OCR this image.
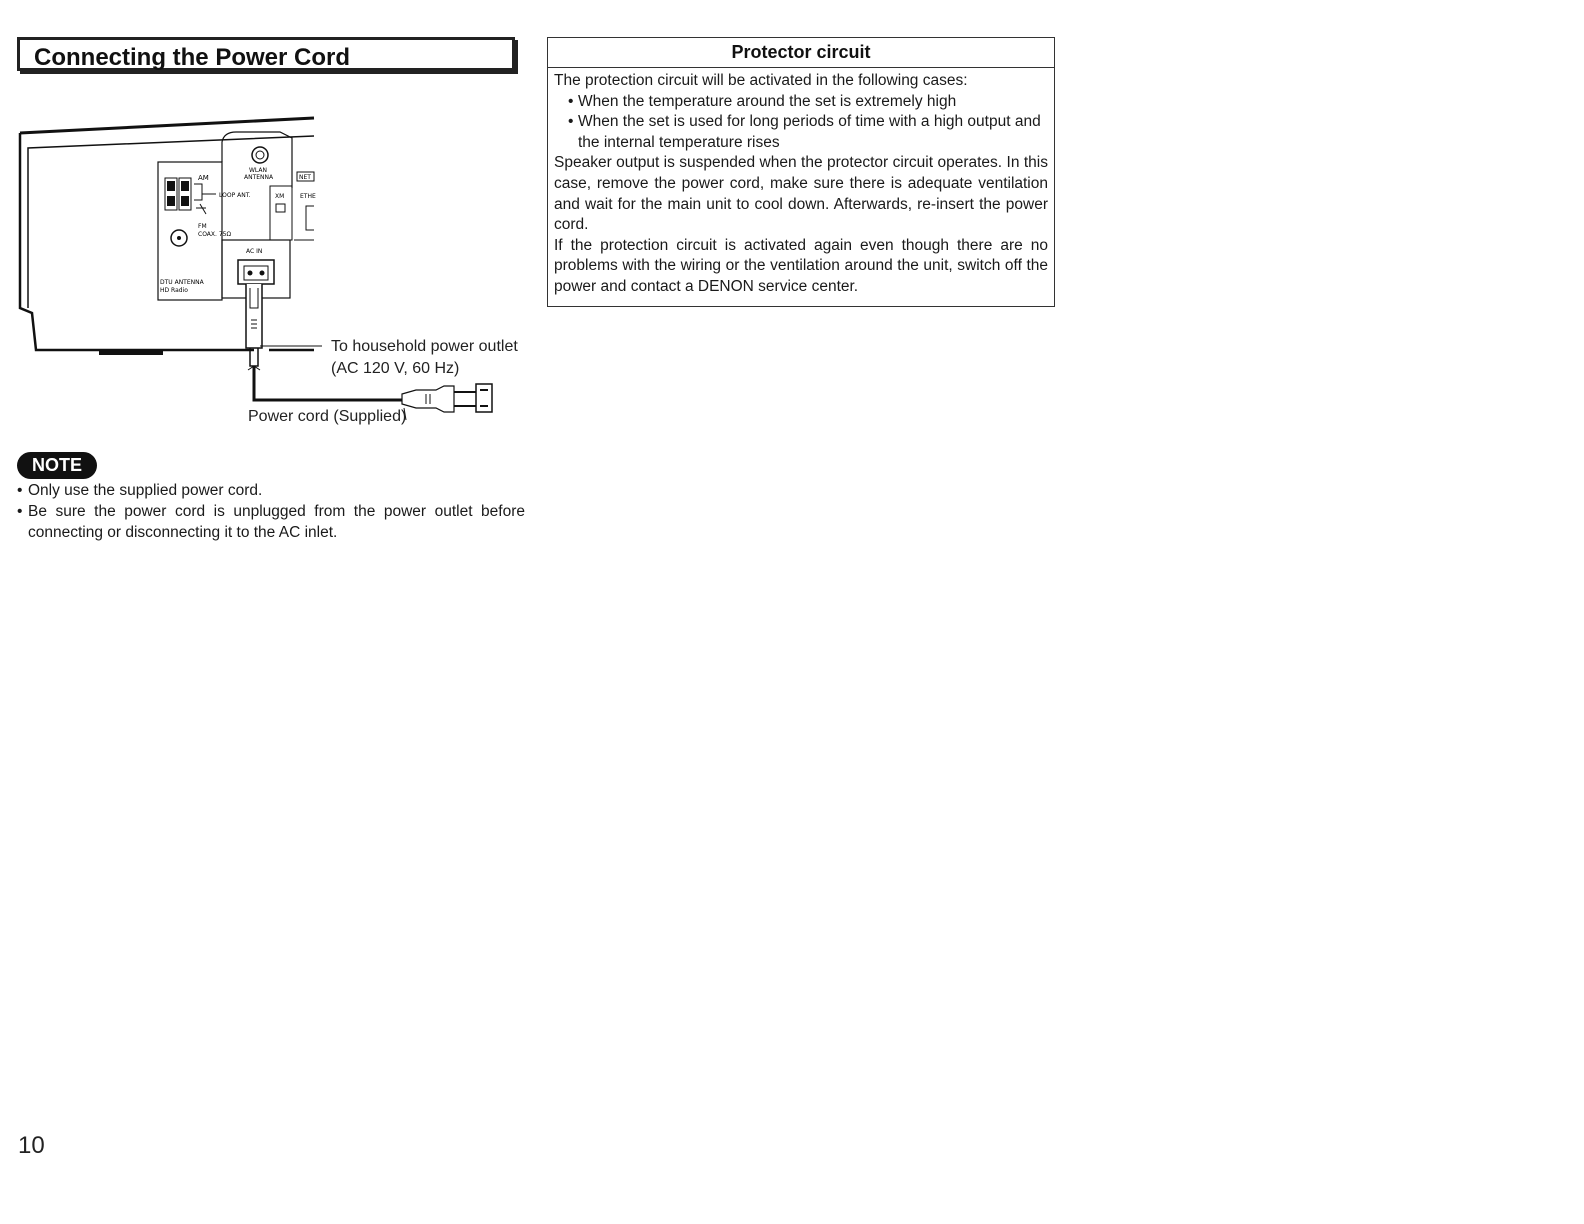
Connecting the Power Cord
AM
LOOP ANT.
FM
COAX. 75Ω
DTU ANTENNA
HD Radio
WLAN
ANTENNA	NET
XM	ETHE
AC IN
To household power outlet
(AC 120 V, 60 Hz)
Power cord (Supplied)
NOTE
• Only use the supplied power cord.
• Be sure the power cord is unplugged from the power outlet before connecting or disconnecting it to the AC inlet.
Protector circuit
The protection circuit will be activated in the following cases:
• When the temperature around the set is extremely high
• When the set is used for long periods of time with a high output and the internal temperature rises
Speaker output is suspended when the protector circuit operates. In this case, remove the power cord, make sure there is adequate ventilation and wait for the main unit to cool down. Afterwards, re-insert the power cord.
If the protection circuit is activated again even though there are no problems with the wiring or the ventilation around the unit, switch off the power and contact a DENON service center.
10
